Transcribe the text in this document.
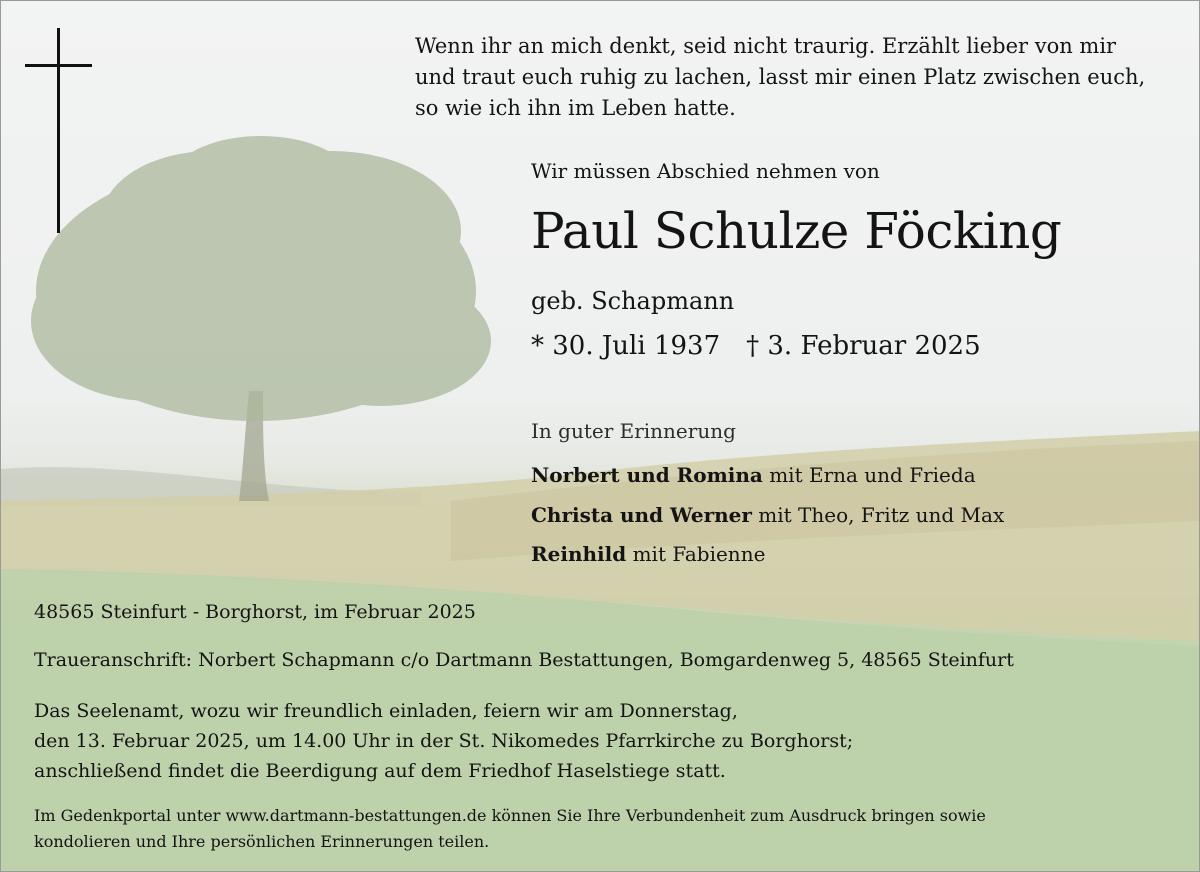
Wenn ihr an mich denkt, seid nicht traurig. Erzählt lieber von mir
und traut euch ruhig zu lachen, lasst mir einen Platz zwischen euch,
so wie ich ihn im Leben hatte.
Wir müssen Abschied nehmen von
Paul Schulze Föcking
geb. Schapmann
* 30. Juli 1937 † 3. Februar 2025
In guter Erinnerung
Norbert und Romina mit Erna und Frieda
Christa und Werner mit Theo, Fritz und Max
Reinhild mit Fabienne
48565 Steinfurt - Borghorst, im Februar 2025
Traueranschrift: Norbert Schapmann c/o Dartmann Bestattungen, Bomgardenweg 5, 48565 Steinfurt
Das Seelenamt, wozu wir freundlich einladen, feiern wir am Donnerstag,
den 13. Februar 2025, um 14.00 Uhr in der St. Nikomedes Pfarrkirche zu Borghorst;
anschließend findet die Beerdigung auf dem Friedhof Haselstiege statt.
Im Gedenkportal unter www.dartmann-bestattungen.de können Sie Ihre Verbundenheit zum Ausdruck bringen sowie
kondolieren und Ihre persönlichen Erinnerungen teilen.
